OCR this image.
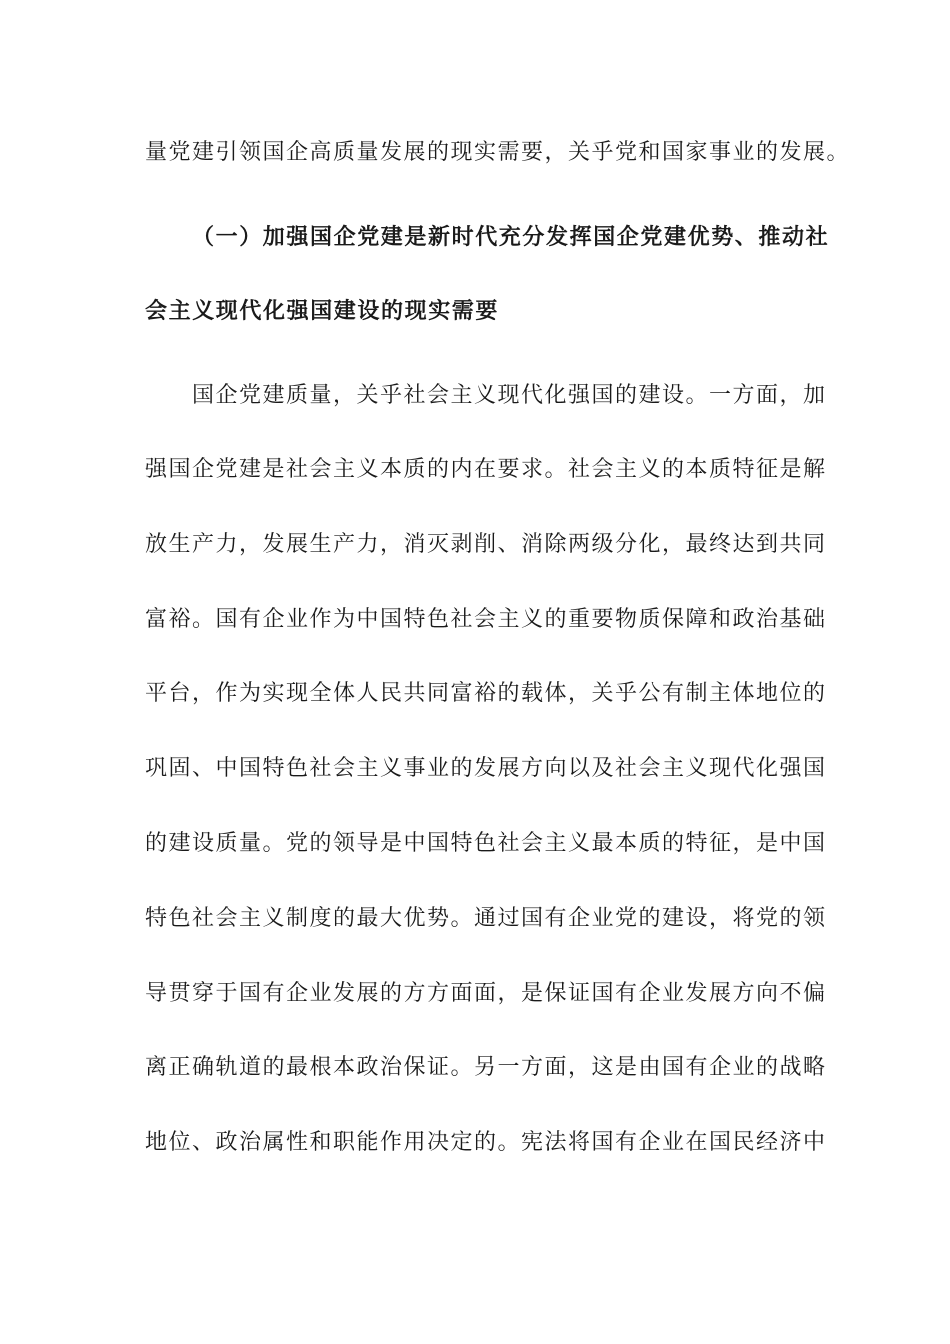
量党建引领国企高质量发展的现实需要，关乎党和国家事业的发展。
（一）加强国企党建是新时代充分发挥国企党建优势、推动社
会主义现代化强国建设的现实需要
国企党建质量，关乎社会主义现代化强国的建设。一方面，加
强国企党建是社会主义本质的内在要求。社会主义的本质特征是解
放生产力，发展生产力，消灭剥削、消除两级分化，最终达到共同
富裕。国有企业作为中国特色社会主义的重要物质保障和政治基础
平台，作为实现全体人民共同富裕的载体，关乎公有制主体地位的
巩固、中国特色社会主义事业的发展方向以及社会主义现代化强国
的建设质量。党的领导是中国特色社会主义最本质的特征，是中国
特色社会主义制度的最大优势。通过国有企业党的建设，将党的领
导贯穿于国有企业发展的方方面面，是保证国有企业发展方向不偏
离正确轨道的最根本政治保证。另一方面，这是由国有企业的战略
地位、政治属性和职能作用决定的。宪法将国有企业在国民经济中
